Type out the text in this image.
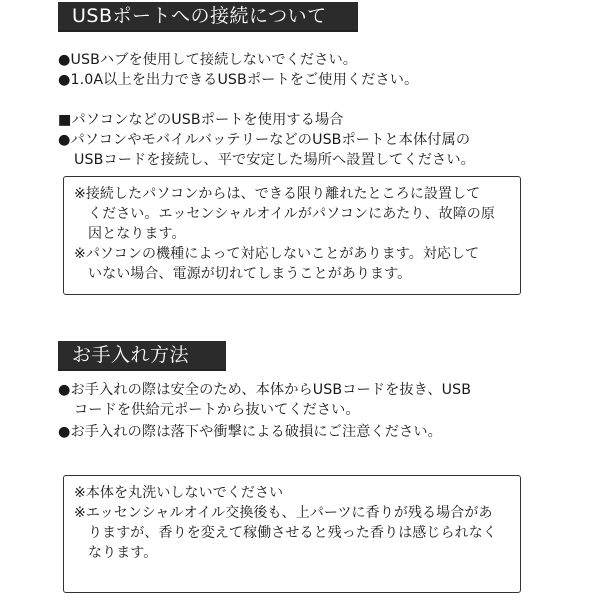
USBポートへの接続について
●USBハブを使用して接続しないでください。
●1.0A以上を出力できるUSBポートをご使用ください。
■パソコンなどのUSBポートを使用する場合
●パソコンやモバイルバッテリーなどのUSBポートと本体付属の
USBコードを接続し、平で安定した場所へ設置してください。
※接続したパソコンからは、できる限り離れたところに設置して
ください。エッセンシャルオイルがパソコンにあたり、故障の原
因となります。
※パソコンの機種によって対応しないことがあります。対応して
いない場合、電源が切れてしまうことがあります。
お手入れ方法
●お手入れの際は安全のため、本体からUSBコードを抜き、USB
コードを供給元ポートから抜いてください。
●お手入れの際は落下や衝撃による破損にご注意ください。
※本体を丸洗いしないでください
※エッセンシャルオイル交換後も、上パーツに香りが残る場合があ
りますが、香りを変えて稼働させると残った香りは感じられなく
なります。
